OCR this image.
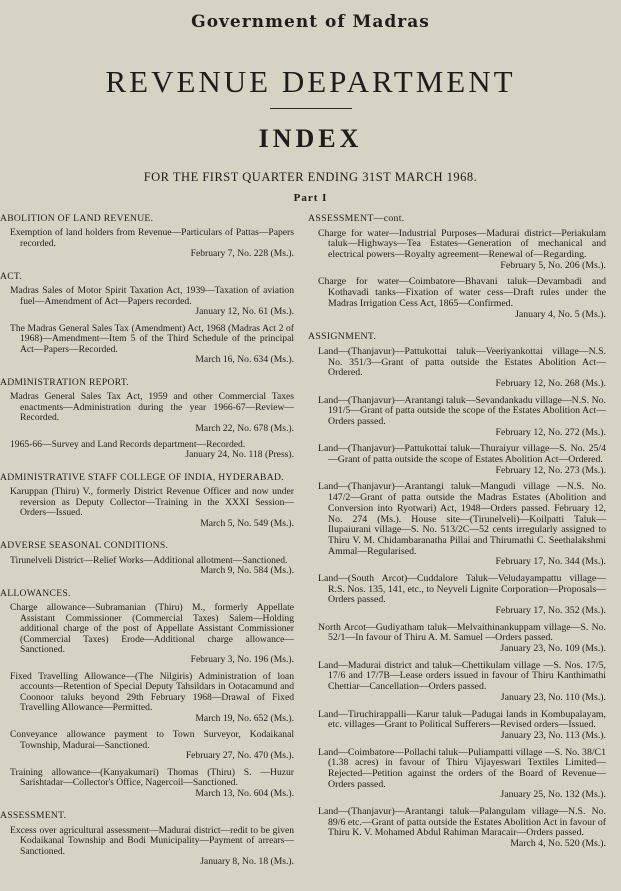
Government of Madras
REVENUE DEPARTMENT
INDEX
FOR THE FIRST QUARTER ENDING 31ST MARCH 1968.
Part I
ABOLITION OF LAND REVENUE.
Exemption of land holders from Revenue—Particulars of Pattas—Papers recorded.
February 7, No. 228 (Ms.).
ACT.
Madras Sales of Motor Spirit Taxation Act, 1939—Taxation of aviation fuel—Amendment of Act—Papers recorded.
January 12, No. 61 (Ms.).
The Madras General Sales Tax (Amendment) Act, 1968 (Madras Act 2 of 1968)—Amendment—Item 5 of the Third Schedule of the principal Act—Papers—Recorded.
March 16, No. 634 (Ms.).
ADMINISTRATION REPORT.
Madras General Sales Tax Act, 1959 and other Commercial Taxes enactments—Administration during the year 1966-67—Review—Recorded.
March 22, No. 678 (Ms.).
1965-66—Survey and Land Records department—Recorded.
January 24, No. 118 (Press).
ADMINISTRATIVE STAFF COLLEGE OF INDIA, HYDERABAD.
Karuppan (Thiru) V., formerly District Revenue Officer and now under reversion as Deputy Collector—Training in the XXXI Session—Orders—Issued.
March 5, No. 549 (Ms.).
ADVERSE SEASONAL CONDITIONS.
Tirunelveli District—Relief Works—Additional allotment—Sanctioned.
March 9, No. 584 (Ms.).
ALLOWANCES.
Charge allowance—Subramanian (Thiru) M., formerly Appellate Assistant Commissioner (Commercial Taxes) Salem—Holding additional charge of the post of Appellate Assistant Commissioner (Commercial Taxes) Erode—Additional charge allowance—Sanctioned.
February 3, No. 196 (Ms.).
Fixed Travelling Allowance—(The Nilgiris) Administration of loan accounts—Retention of Special Deputy Tahsildars in Ootacamund and Coonoor taluks beyond 29th February 1968—Drawal of Fixed Travelling Allowance—Permitted.
March 19, No. 652 (Ms.).
Conveyance allowance payment to Town Surveyor, Kodaikanal Township, Madurai—Sanctioned.
February 27, No. 470 (Ms.).
Training allowance—(Kanyakumari) Thomas (Thiru) S. —Huzur Sarishtadar—Collector's Office, Nagercoil—Sanctioned.
March 13, No. 604 (Ms.).
ASSESSMENT.
Excess over agricultural assessment—Madurai district—redit to be given Kodaikanal Township and Bodi Municipality—Payment of arrears—Sanctioned.
January 8, No. 18 (Ms.).
ASSESSMENT—cont.
Charge for water—Industrial Purposes—Madurai district—Periakulam taluk—Highways—Tea Estates—Generation of mechanical and electrical powers—Royalty agreement—Renewal of—Regarding.
February 5, No. 206 (Ms.).
Charge for water—Coimbatore—Bhavani taluk—Devambadi and Kothavadi tanks—Fixation of water cess—Draft rules under the Madras Irrigation Cess Act, 1865—Confirmed.
January 4, No. 5 (Ms.).
ASSIGNMENT.
Land—(Thanjavur)—Pattukottai taluk—Veeriyankottai village—N.S. No. 351/3—Grant of patta outside the Estates Abolition Act—Ordered.
February 12, No. 268 (Ms.).
Land—(Thanjavur)—Arantangi taluk—Sevandankadu village—N.S. No. 191/5—Grant of patta outside the scope of the Estates Abolition Act—Orders passed.
February 12, No. 272 (Ms.).
Land—(Thanjavur)—Pattukottai taluk—Thuraiyur village—S. No. 25/4—Grant of patta outside the scope of Estates Abolition Act—Ordered.
February 12, No. 273 (Ms.).
Land—(Thanjavur)—Arantangi taluk—Mangudi village —N.S. No. 147/2—Grant of patta outside the Madras Estates (Abolition and Conversion into Ryotwari) Act, 1948—Orders passed. February 12, No. 274 (Ms.). House site—(Tirunelveli)—Koilpatti Taluk—Ilupaiurani village—S. No. 513/2C—52 cents irregularly assigned to Thiru V. M. Chidambaranatha Pillai and Thirumathi C. Seethalakshmi Ammal—Regularised.
February 17, No. 344 (Ms.).
Land—(South Arcot)—Cuddalore Taluk—Veludayampattu village— R.S. Nos. 135, 141, etc., to Neyveli Lignite Corporation—Proposals—Orders passed.
February 17, No. 352 (Ms.).
North Arcot—Gudiyatham taluk—Melvaithinankuppam village—S. No. 52/1—In favour of Thiru A. M. Samuel —Orders passed.
January 23, No. 109 (Ms.).
Land—Madurai district and taluk—Chettikulam village —S. Nos. 17/5, 17/6 and 17/7B—Lease orders issued in favour of Thiru Kanthimathi Chettiar—Cancellation—Orders passed.
January 23, No. 110 (Ms.).
Land—Tiruchirappalli—Karur taluk—Padugai lands in Kombupalayam, etc. villages—Grant to Political Sufferers—Revised orders—Issued.
January 23, No. 113 (Ms.).
Land—Coimbatore—Pollachi taluk—Puliampatti village —S. No. 38/C1 (1.38 acres) in favour of Thiru Vijayeswari Textiles Limited—Rejected—Petition against the orders of the Board of Revenue—Orders passed.
January 25, No. 132 (Ms.).
Land—(Thanjavur)—Arantangi taluk—Palangulam village—N.S. No. 89/6 etc.—Grant of patta outside the Estates Abolition Act in favour of Thiru K. V. Mohamed Abdul Rahiman Maracair—Orders passed.
March 4, No. 520 (Ms.).
